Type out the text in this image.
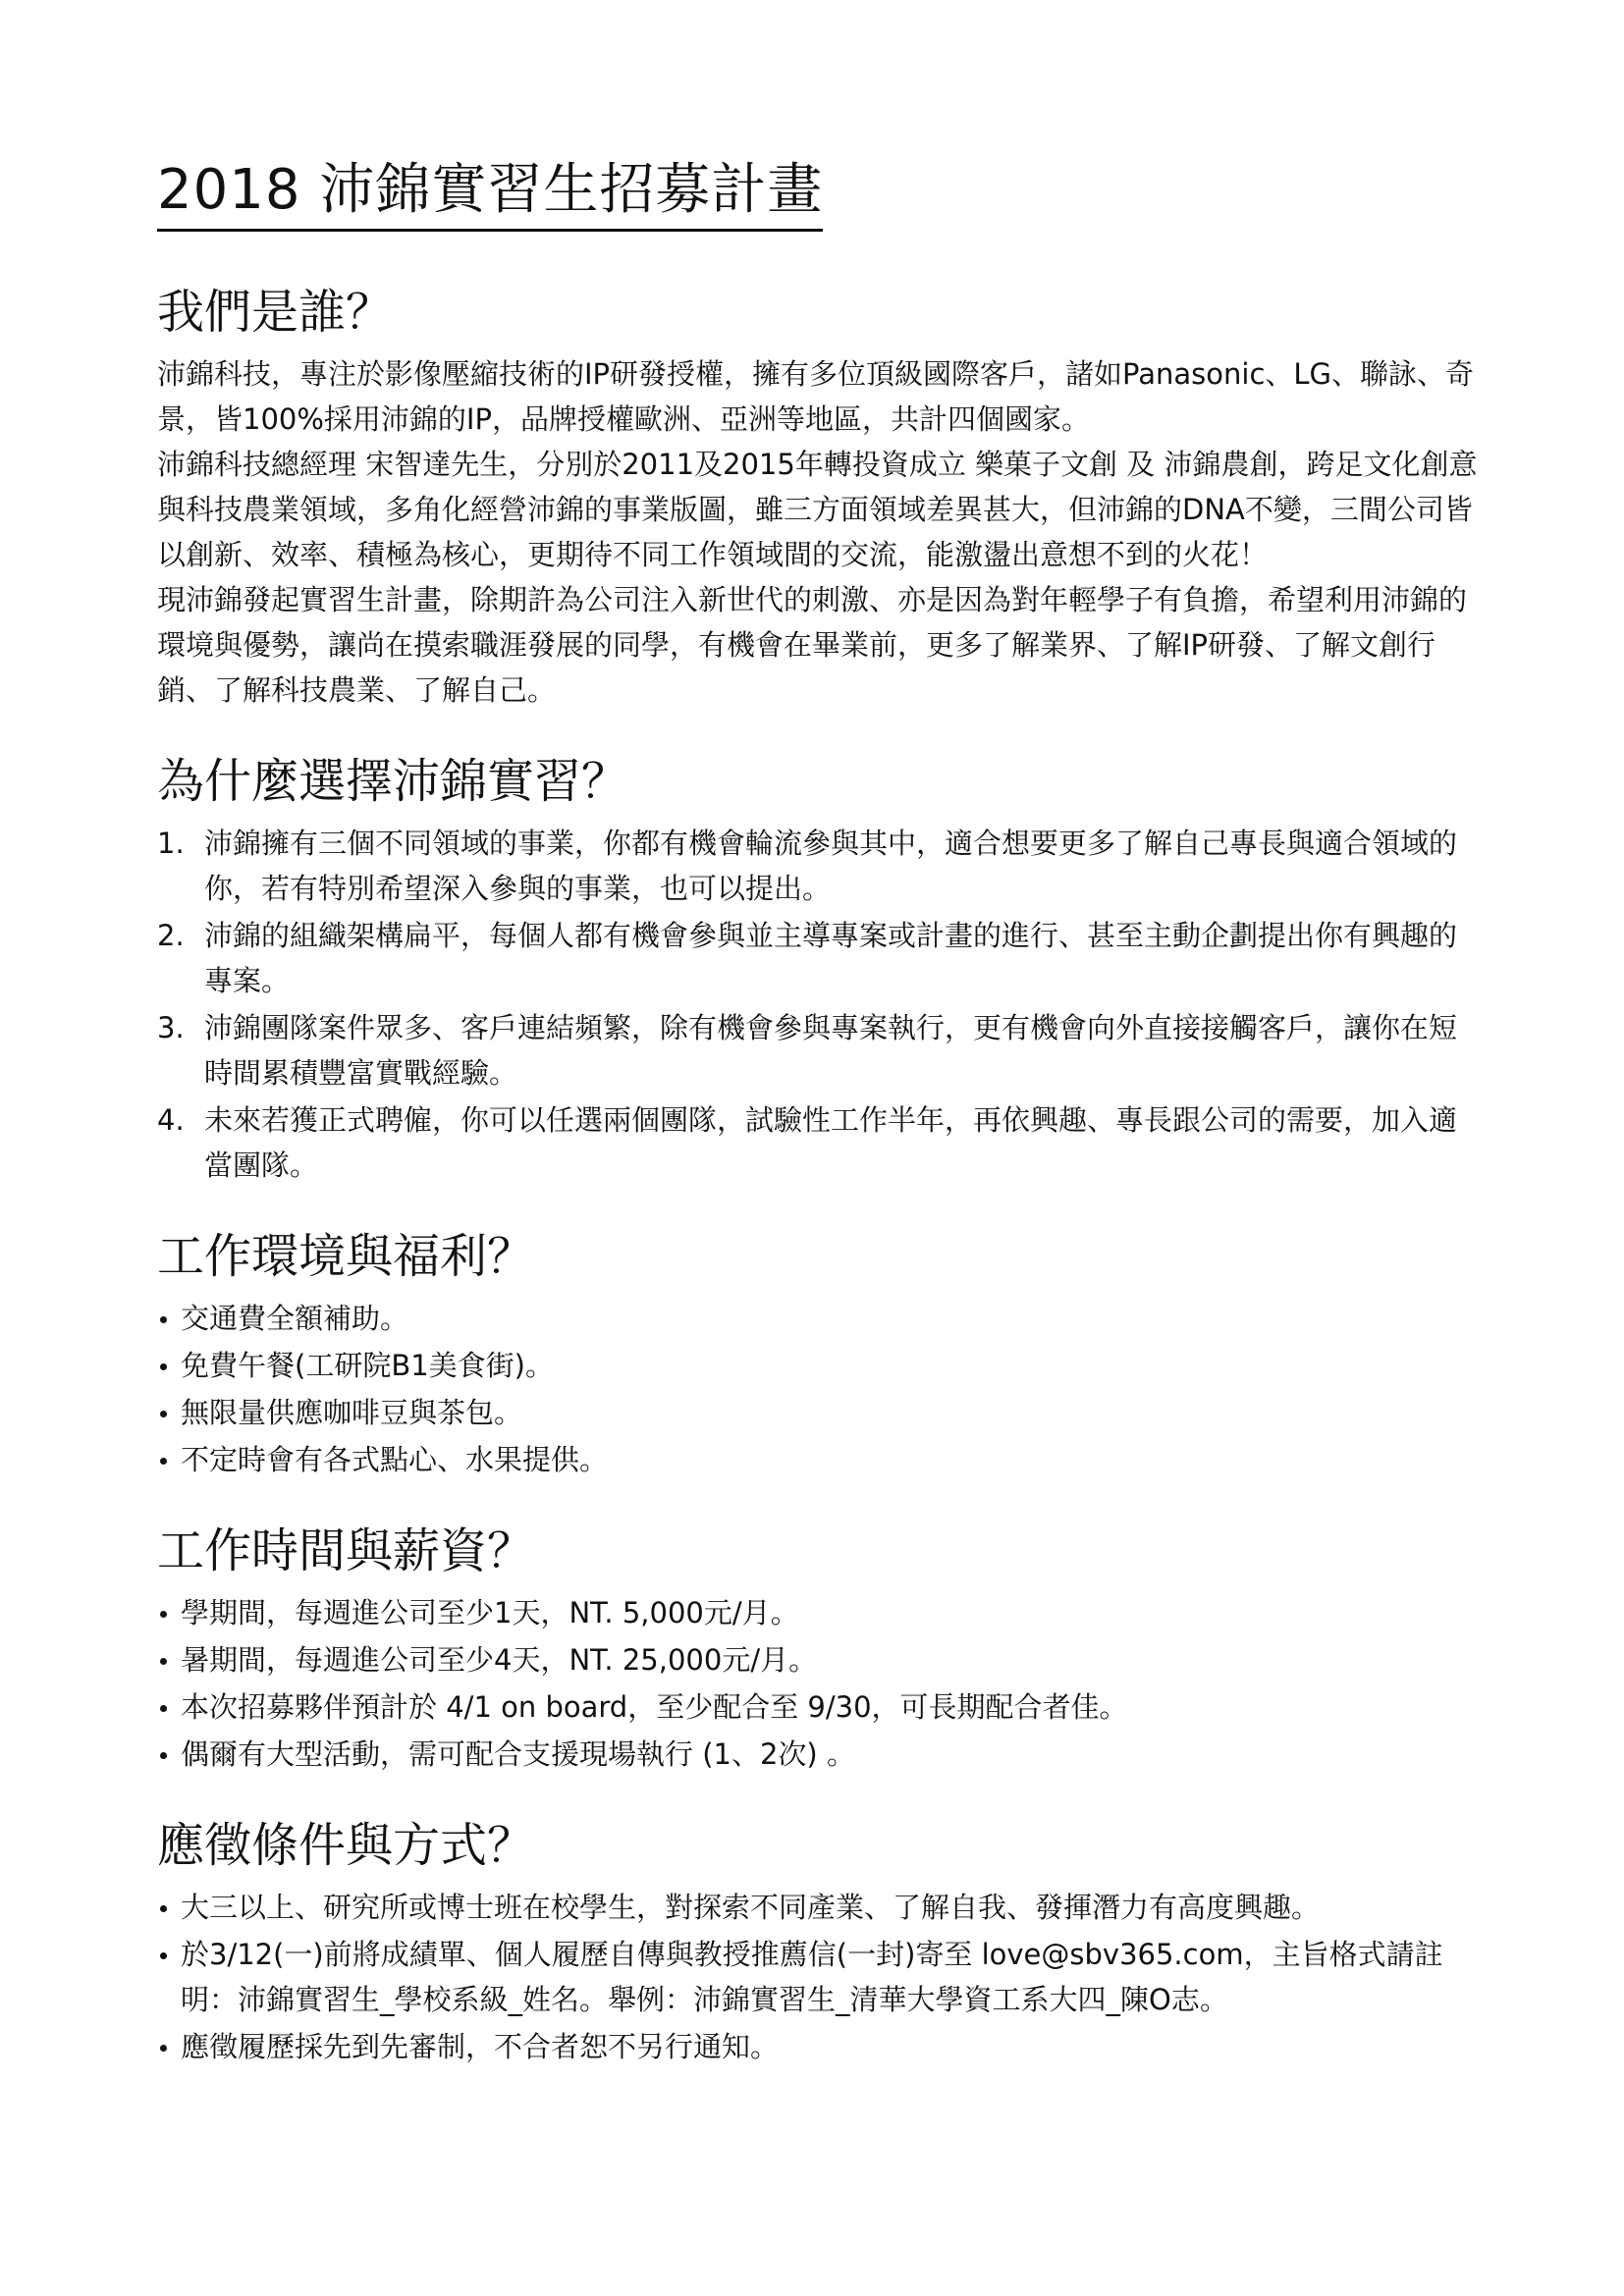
2018 沛錦實習生招募計畫
我們是誰？

沛錦科技，專注於影像壓縮技術的IP研發授權，擁有多位頂級國際客戶，諸如Panasonic、LG、聯詠、奇景，皆100%採用沛錦的IP，品牌授權歐洲、亞洲等地區，共計四個國家。

沛錦科技總經理 宋智達先生，分別於2011及2015年轉投資成立 樂菓子文創 及 沛錦農創，跨足文化創意與科技農業領域，多角化經營沛錦的事業版圖，雖三方面領域差異甚大，但沛錦的DNA不變，三間公司皆以創新、效率、積極為核心，更期待不同工作領域間的交流，能激盪出意想不到的火花！

現沛錦發起實習生計畫，除期許為公司注入新世代的刺激、亦是因為對年輕學子有負擔，希望利用沛錦的環境與優勢，讓尚在摸索職涯發展的同學，有機會在畢業前，更多了解業界、了解IP研發、了解文創行銷、了解科技農業、了解自己。

為什麼選擇沛錦實習？
1. 沛錦擁有三個不同領域的事業，你都有機會輪流參與其中，適合想要更多了解自己專長與適合領域的你，若有特別希望深入參與的事業，也可以提出。
2. 沛錦的組織架構扁平，每個人都有機會參與並主導專案或計畫的進行、甚至主動企劃提出你有興趣的專案。
3. 沛錦團隊案件眾多、客戶連結頻繁，除有機會參與專案執行，更有機會向外直接接觸客戶，讓你在短時間累積豐富實戰經驗。
4. 未來若獲正式聘僱，你可以任選兩個團隊，試驗性工作半年，再依興趣、專長跟公司的需要，加入適當團隊。
工作環境與福利？
交通費全額補助。
免費午餐(工研院B1美食街)。
無限量供應咖啡豆與茶包。
不定時會有各式點心、水果提供。
工作時間與薪資？
學期間，每週進公司至少1天，NT. 5,000元/月。
暑期間，每週進公司至少4天，NT. 25,000元/月。
本次招募夥伴預計於 4/1 on board，至少配合至 9/30，可長期配合者佳。
偶爾有大型活動，需可配合支援現場執行 (1、2次) 。
應徵條件與方式？
大三以上、研究所或博士班在校學生，對探索不同產業、了解自我、發揮潛力有高度興趣。
於3/12(一)前將成績單、個人履歷自傳與教授推薦信(一封)寄至 love@sbv365.com，主旨格式請註明：沛錦實習生_學校系級_姓名。舉例：沛錦實習生_清華大學資工系大四_陳O志。
應徵履歷採先到先審制，不合者恕不另行通知。
